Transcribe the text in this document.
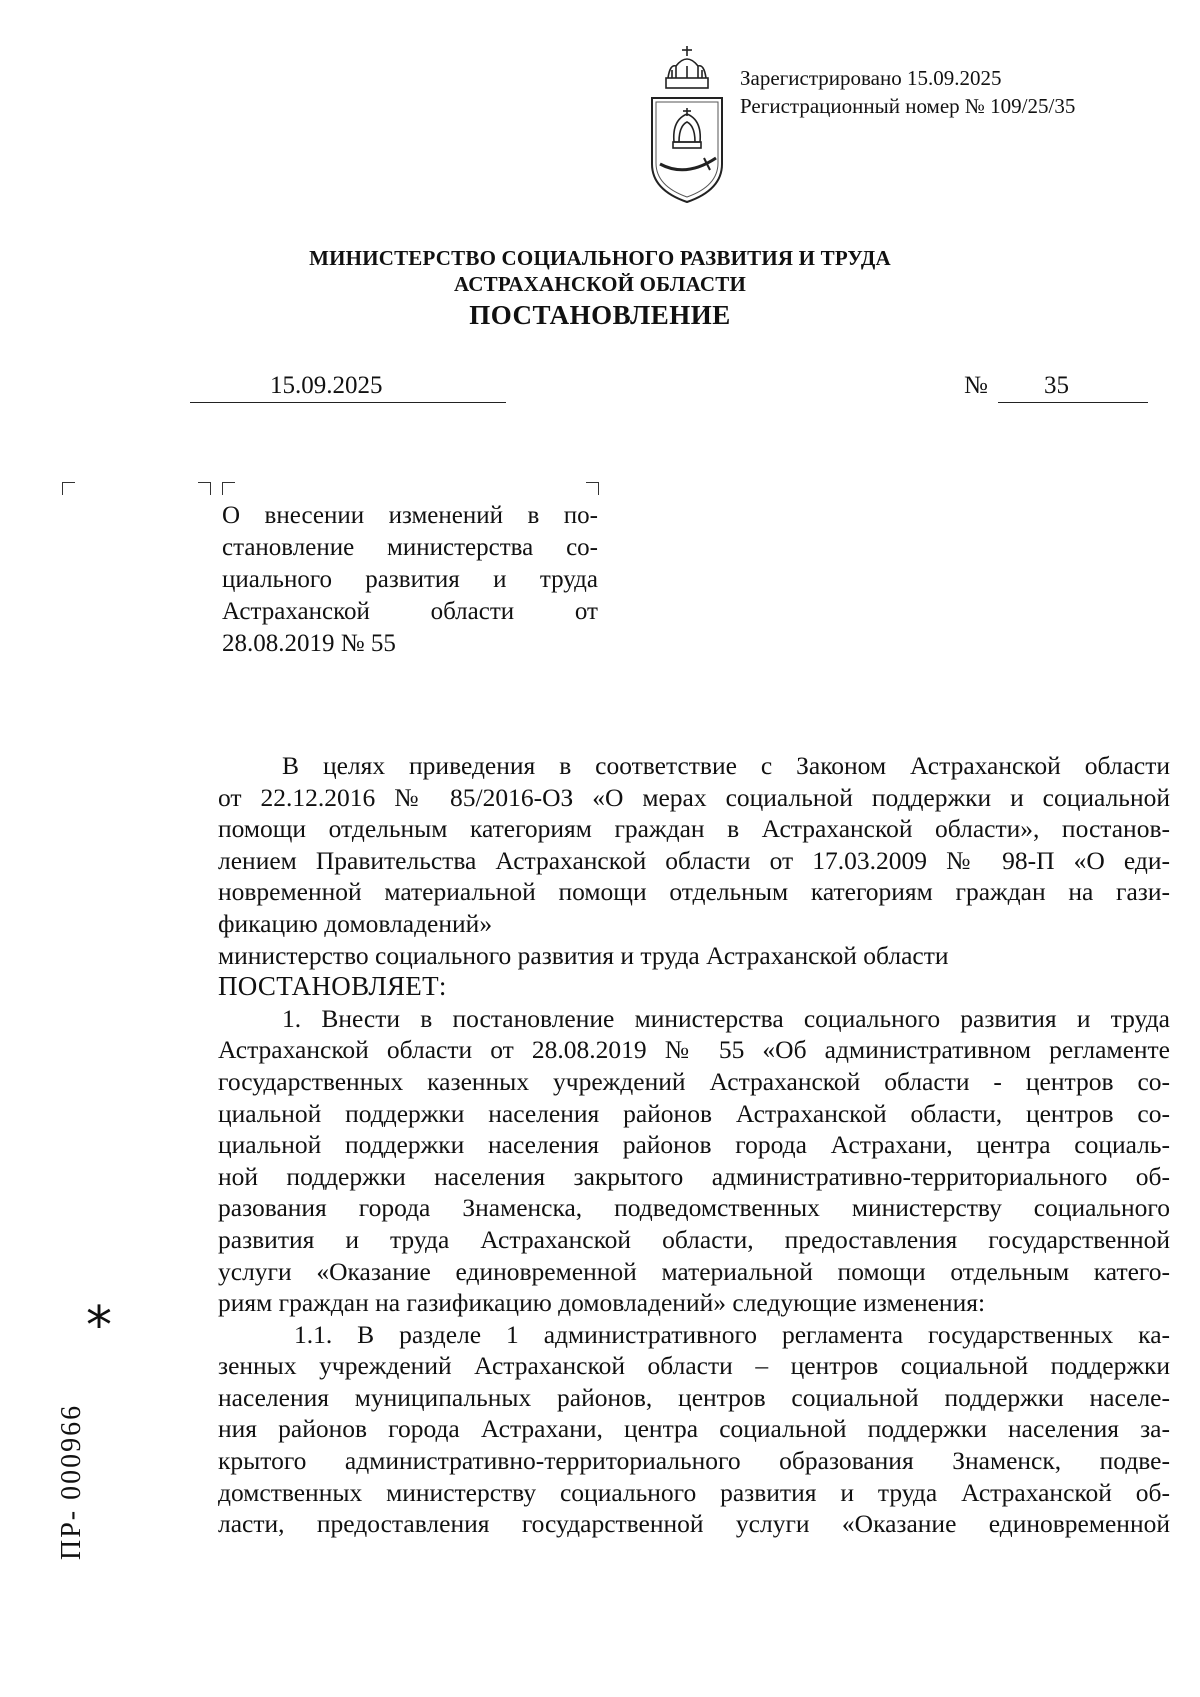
Зарегистрировано 15.09.2025
Регистрационный номер № 109/25/35
МИНИСТЕРСТВО СОЦИАЛЬНОГО РАЗВИТИЯ И ТРУДА
АСТРАХАНСКОЙ ОБЛАСТИ
ПОСТАНОВЛЕНИЕ
15.09.2025	№ 35
О внесении изменений в по-
становление министерства со-
циального развития и труда
Астраханской области от
28.08.2019 № 55
В целях приведения в соответствие с Законом Астраханской области
от 22.12.2016 № 85/2016-ОЗ «О мерах социальной поддержки и социальной
помощи отдельным категориям граждан в Астраханской области», постанов-
лением Правительства Астраханской области от 17.03.2009 № 98-П «О еди-
новременной материальной помощи отдельным категориям граждан на гази-
фикацию домовладений»
министерство социального развития и труда Астраханской области
ПОСТАНОВЛЯЕТ:
1. Внести в постановление министерства социального развития и труда
Астраханской области от 28.08.2019 № 55 «Об административном регламенте
государственных казенных учреждений Астраханской области - центров со-
циальной поддержки населения районов Астраханской области, центров со-
циальной поддержки населения районов города Астрахани, центра социаль-
ной поддержки населения закрытого административно-территориального об-
разования города Знаменска, подведомственных министерству социального
развития и труда Астраханской области, предоставления государственной
услуги «Оказание единовременной материальной помощи отдельным катего-
риям граждан на газификацию домовладений» следующие изменения:
1.1. В разделе 1 административного регламента государственных ка-
зенных учреждений Астраханской области – центров социальной поддержки
населения муниципальных районов, центров социальной поддержки населе-
ния районов города Астрахани, центра социальной поддержки населения за-
крытого административно-территориального образования Знаменск, подве-
домственных министерству социального развития и труда Астраханской об-
ласти, предоставления государственной услуги «Оказание единовременной
*
ПР- 000966
